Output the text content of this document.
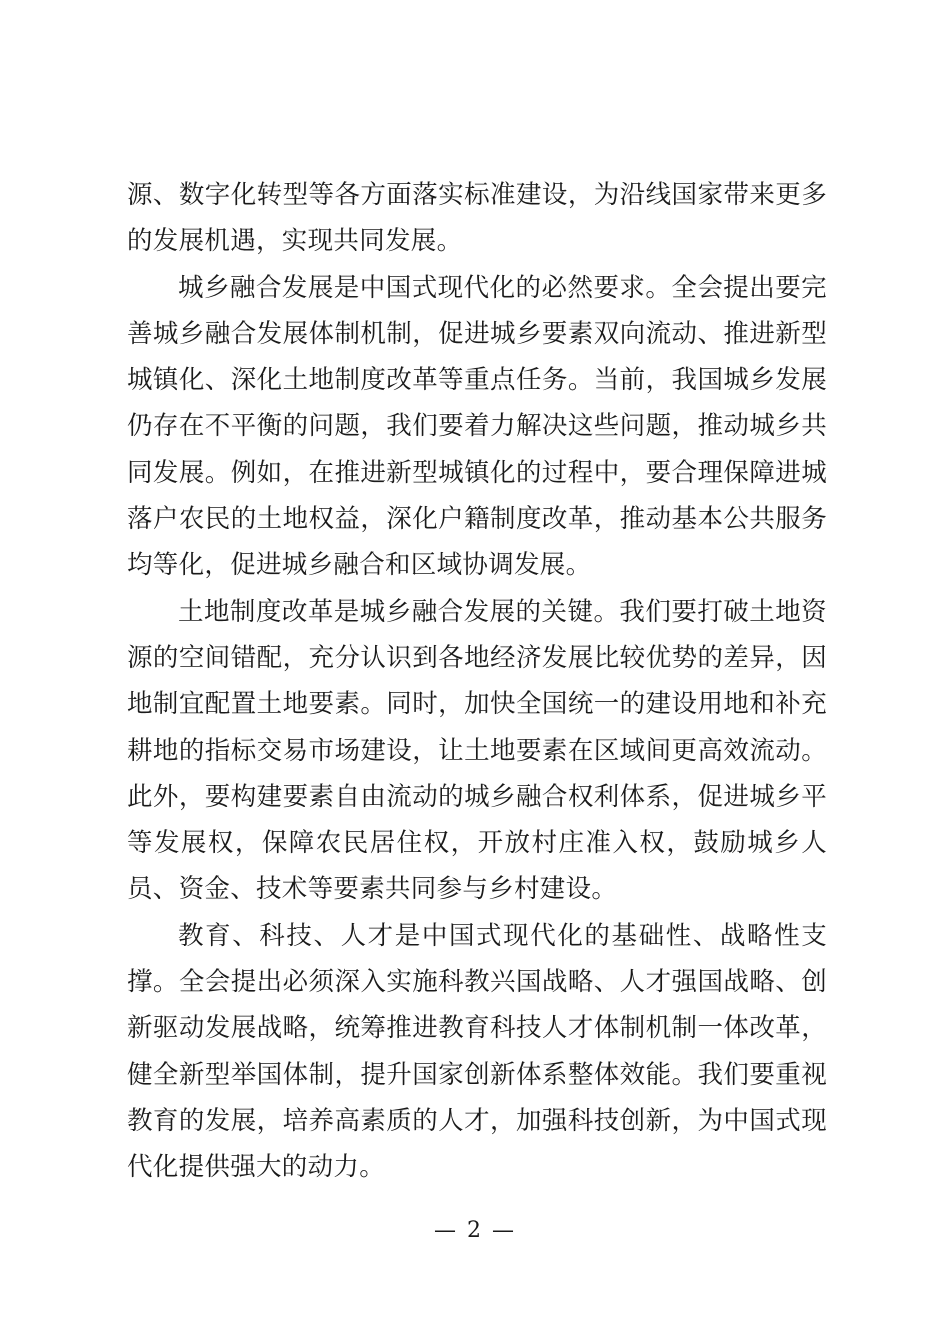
源、数字化转型等各方面落实标准建设，为沿线国家带来更多
的发展机遇，实现共同发展。
城乡融合发展是中国式现代化的必然要求。全会提出要完
善城乡融合发展体制机制，促进城乡要素双向流动、推进新型
城镇化、深化土地制度改革等重点任务。当前，我国城乡发展
仍存在不平衡的问题，我们要着力解决这些问题，推动城乡共
同发展。例如，在推进新型城镇化的过程中，要合理保障进城
落户农民的土地权益，深化户籍制度改革，推动基本公共服务
均等化，促进城乡融合和区域协调发展。
土地制度改革是城乡融合发展的关键。我们要打破土地资
源的空间错配，充分认识到各地经济发展比较优势的差异，因
地制宜配置土地要素。同时，加快全国统一的建设用地和补充
耕地的指标交易市场建设，让土地要素在区域间更高效流动。
此外，要构建要素自由流动的城乡融合权利体系，促进城乡平
等发展权，保障农民居住权，开放村庄准入权，鼓励城乡人
员、资金、技术等要素共同参与乡村建设。
教育、科技、人才是中国式现代化的基础性、战略性支
撑。全会提出必须深入实施科教兴国战略、人才强国战略、创
新驱动发展战略，统筹推进教育科技人才体制机制一体改革，
健全新型举国体制，提升国家创新体系整体效能。我们要重视
教育的发展，培养高素质的人才，加强科技创新，为中国式现
代化提供强大的动力。
— 2 —
